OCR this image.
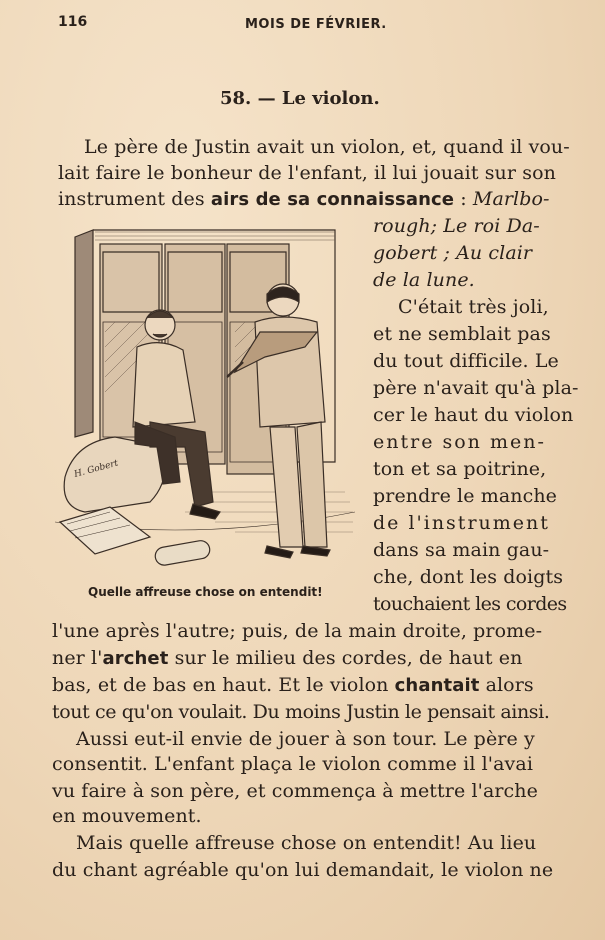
116	MOIS DE FÉVRIER.
58. — Le violon.

Le père de Justin avait un violon, et, quand il vou-

lait faire le bonheur de l'enfant, il lui jouait sur son

instrument des airs de sa connaissance : Marlbo-

rough; Le roi Da-

gobert ; Au clair

de la lune.

C'était très joli,

et ne semblait pas

du tout difficile. Le

père n'avait qu'à pla-

cer le haut du violon

entre son men-

ton et sa poitrine,

prendre le manche

de l'instrument

dans sa main gau-

che, dont les doigts

touchaient les cordes

l'une après l'autre; puis, de la main droite, prome-

ner l'archet sur le milieu des cordes, de haut en

bas, et de bas en haut. Et le violon chantait alors

tout ce qu'on voulait. Du moins Justin le pensait ainsi.

Aussi eut-il envie de jouer à son tour. Le père y

consentit. L'enfant plaça le violon comme il l'avai

vu faire à son père, et commença à mettre l'arche

en mouvement.

Mais quelle affreuse chose on entendit! Au lieu

du chant agréable qu'on lui demandait, le violon ne

H. Gobert
Quelle affreuse chose on entendit!
